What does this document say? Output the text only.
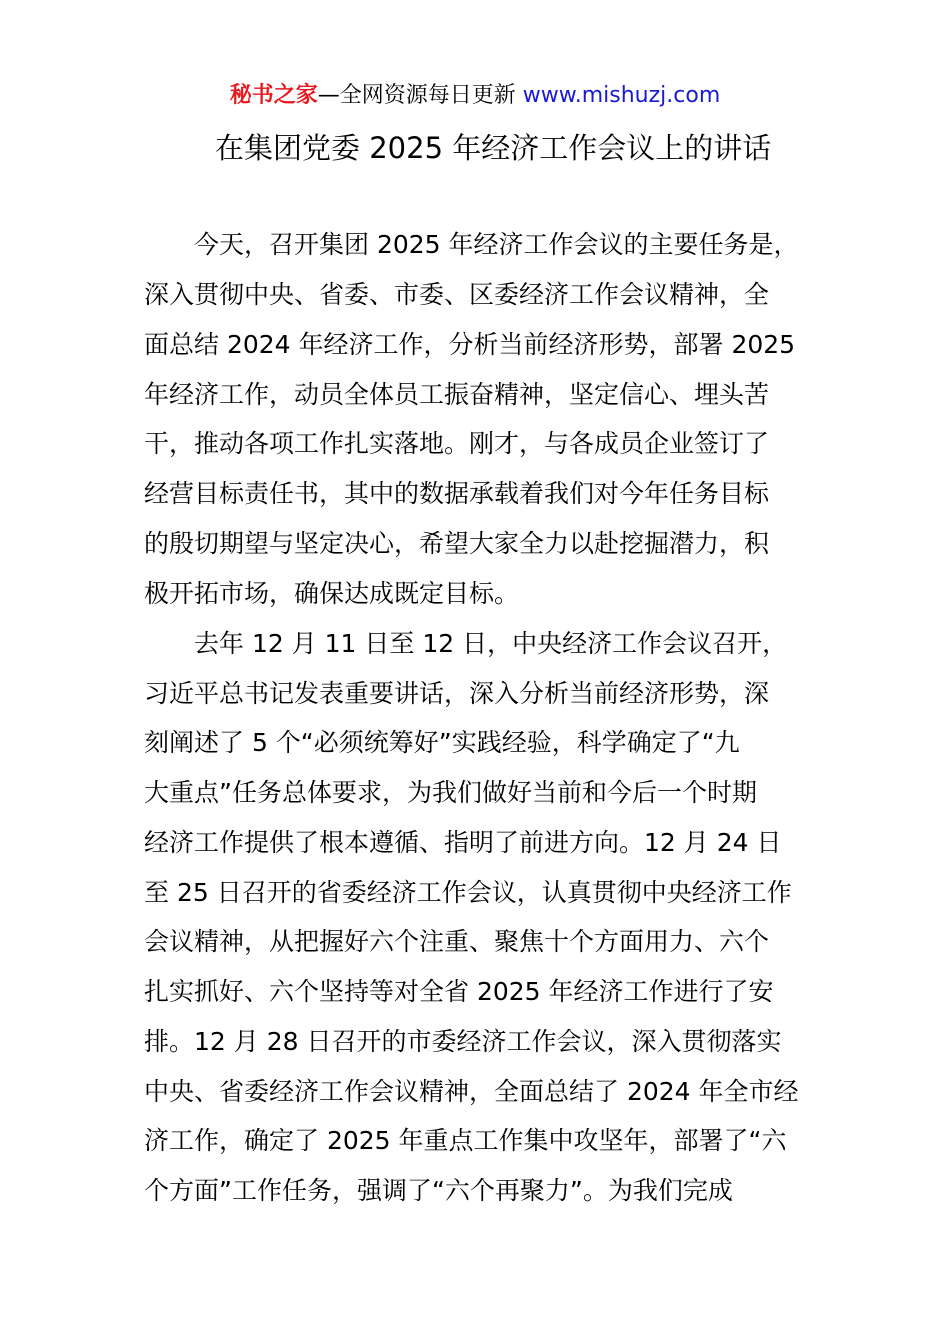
秘书之家—全网资源每日更新 www.mishuzj.com
在集团党委 2025 年经济工作会议上的讲话
今天，召开集团 2025 年经济工作会议的主要任务是，
深入贯彻中央、省委、市委、区委经济工作会议精神，全
面总结 2024 年经济工作，分析当前经济形势，部署 2025
年经济工作，动员全体员工振奋精神，坚定信心、埋头苦
干，推动各项工作扎实落地。刚才，与各成员企业签订了
经营目标责任书，其中的数据承载着我们对今年任务目标
的殷切期望与坚定决心，希望大家全力以赴挖掘潜力，积
极开拓市场，确保达成既定目标。
去年 12 月 11 日至 12 日，中央经济工作会议召开，
习近平总书记发表重要讲话，深入分析当前经济形势，深
刻阐述了 5 个“必须统筹好”实践经验，科学确定了“九
大重点”任务总体要求，为我们做好当前和今后一个时期
经济工作提供了根本遵循、指明了前进方向。12 月 24 日
至 25 日召开的省委经济工作会议，认真贯彻中央经济工作
会议精神，从把握好六个注重、聚焦十个方面用力、六个
扎实抓好、六个坚持等对全省 2025 年经济工作进行了安
排。12 月 28 日召开的市委经济工作会议，深入贯彻落实
中央、省委经济工作会议精神，全面总结了 2024 年全市经
济工作，确定了 2025 年重点工作集中攻坚年，部署了“六
个方面”工作任务，强调了“六个再聚力”。为我们完成
